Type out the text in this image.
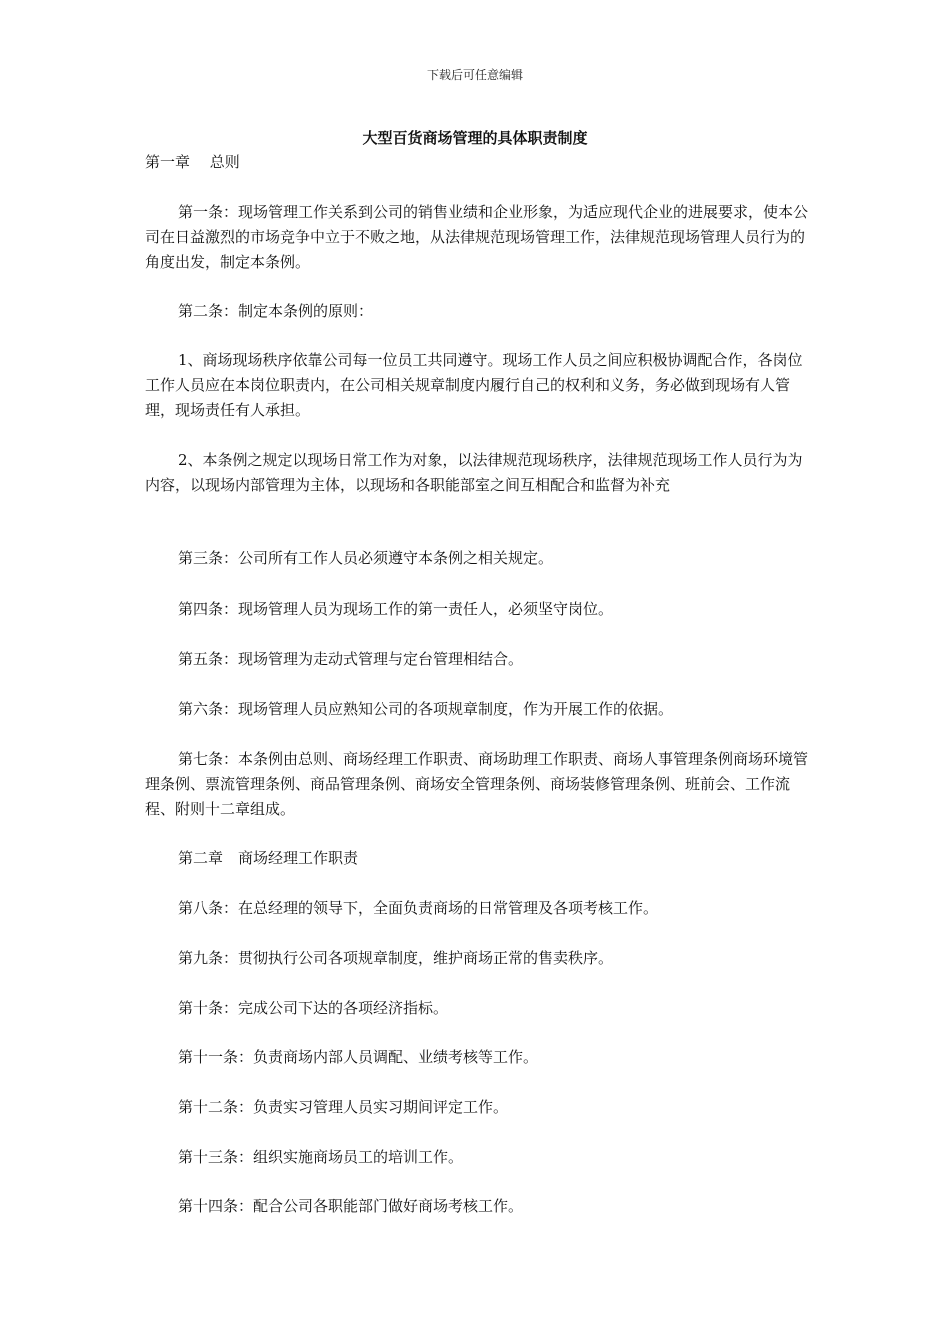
下载后可任意编辑
大型百货商场管理的具体职责制度

第一章　 总则

第一条：现场管理工作关系到公司的销售业绩和企业形象，为适应现代企业的进展要求，使本公司在日益激烈的市场竞争中立于不败之地，从法律规范现场管理工作，法律规范现场管理人员行为的角度出发，制定本条例。

第二条：制定本条例的原则：

1、商场现场秩序依靠公司每一位员工共同遵守。现场工作人员之间应积极协调配合作，各岗位工作人员应在本岗位职责内，在公司相关规章制度内履行自己的权利和义务，务必做到现场有人管理，现场责任有人承担。

2、本条例之规定以现场日常工作为对象，以法律规范现场秩序，法律规范现场工作人员行为为内容，以现场内部管理为主体，以现场和各职能部室之间互相配合和监督为补充

第三条：公司所有工作人员必须遵守本条例之相关规定。

第四条：现场管理人员为现场工作的第一责任人，必须坚守岗位。

第五条：现场管理为走动式管理与定台管理相结合。

第六条：现场管理人员应熟知公司的各项规章制度，作为开展工作的依据。

第七条：本条例由总则、商场经理工作职责、商场助理工作职责、商场人事管理条例商场环境管理条例、票流管理条例、商品管理条例、商场安全管理条例、商场装修管理条例、班前会、工作流程、附则十二章组成。

第二章　商场经理工作职责

第八条：在总经理的领导下，全面负责商场的日常管理及各项考核工作。

第九条：贯彻执行公司各项规章制度，维护商场正常的售卖秩序。

第十条：完成公司下达的各项经济指标。

第十一条：负责商场内部人员调配、业绩考核等工作。

第十二条：负责实习管理人员实习期间评定工作。

第十三条：组织实施商场员工的培训工作。

第十四条：配合公司各职能部门做好商场考核工作。
